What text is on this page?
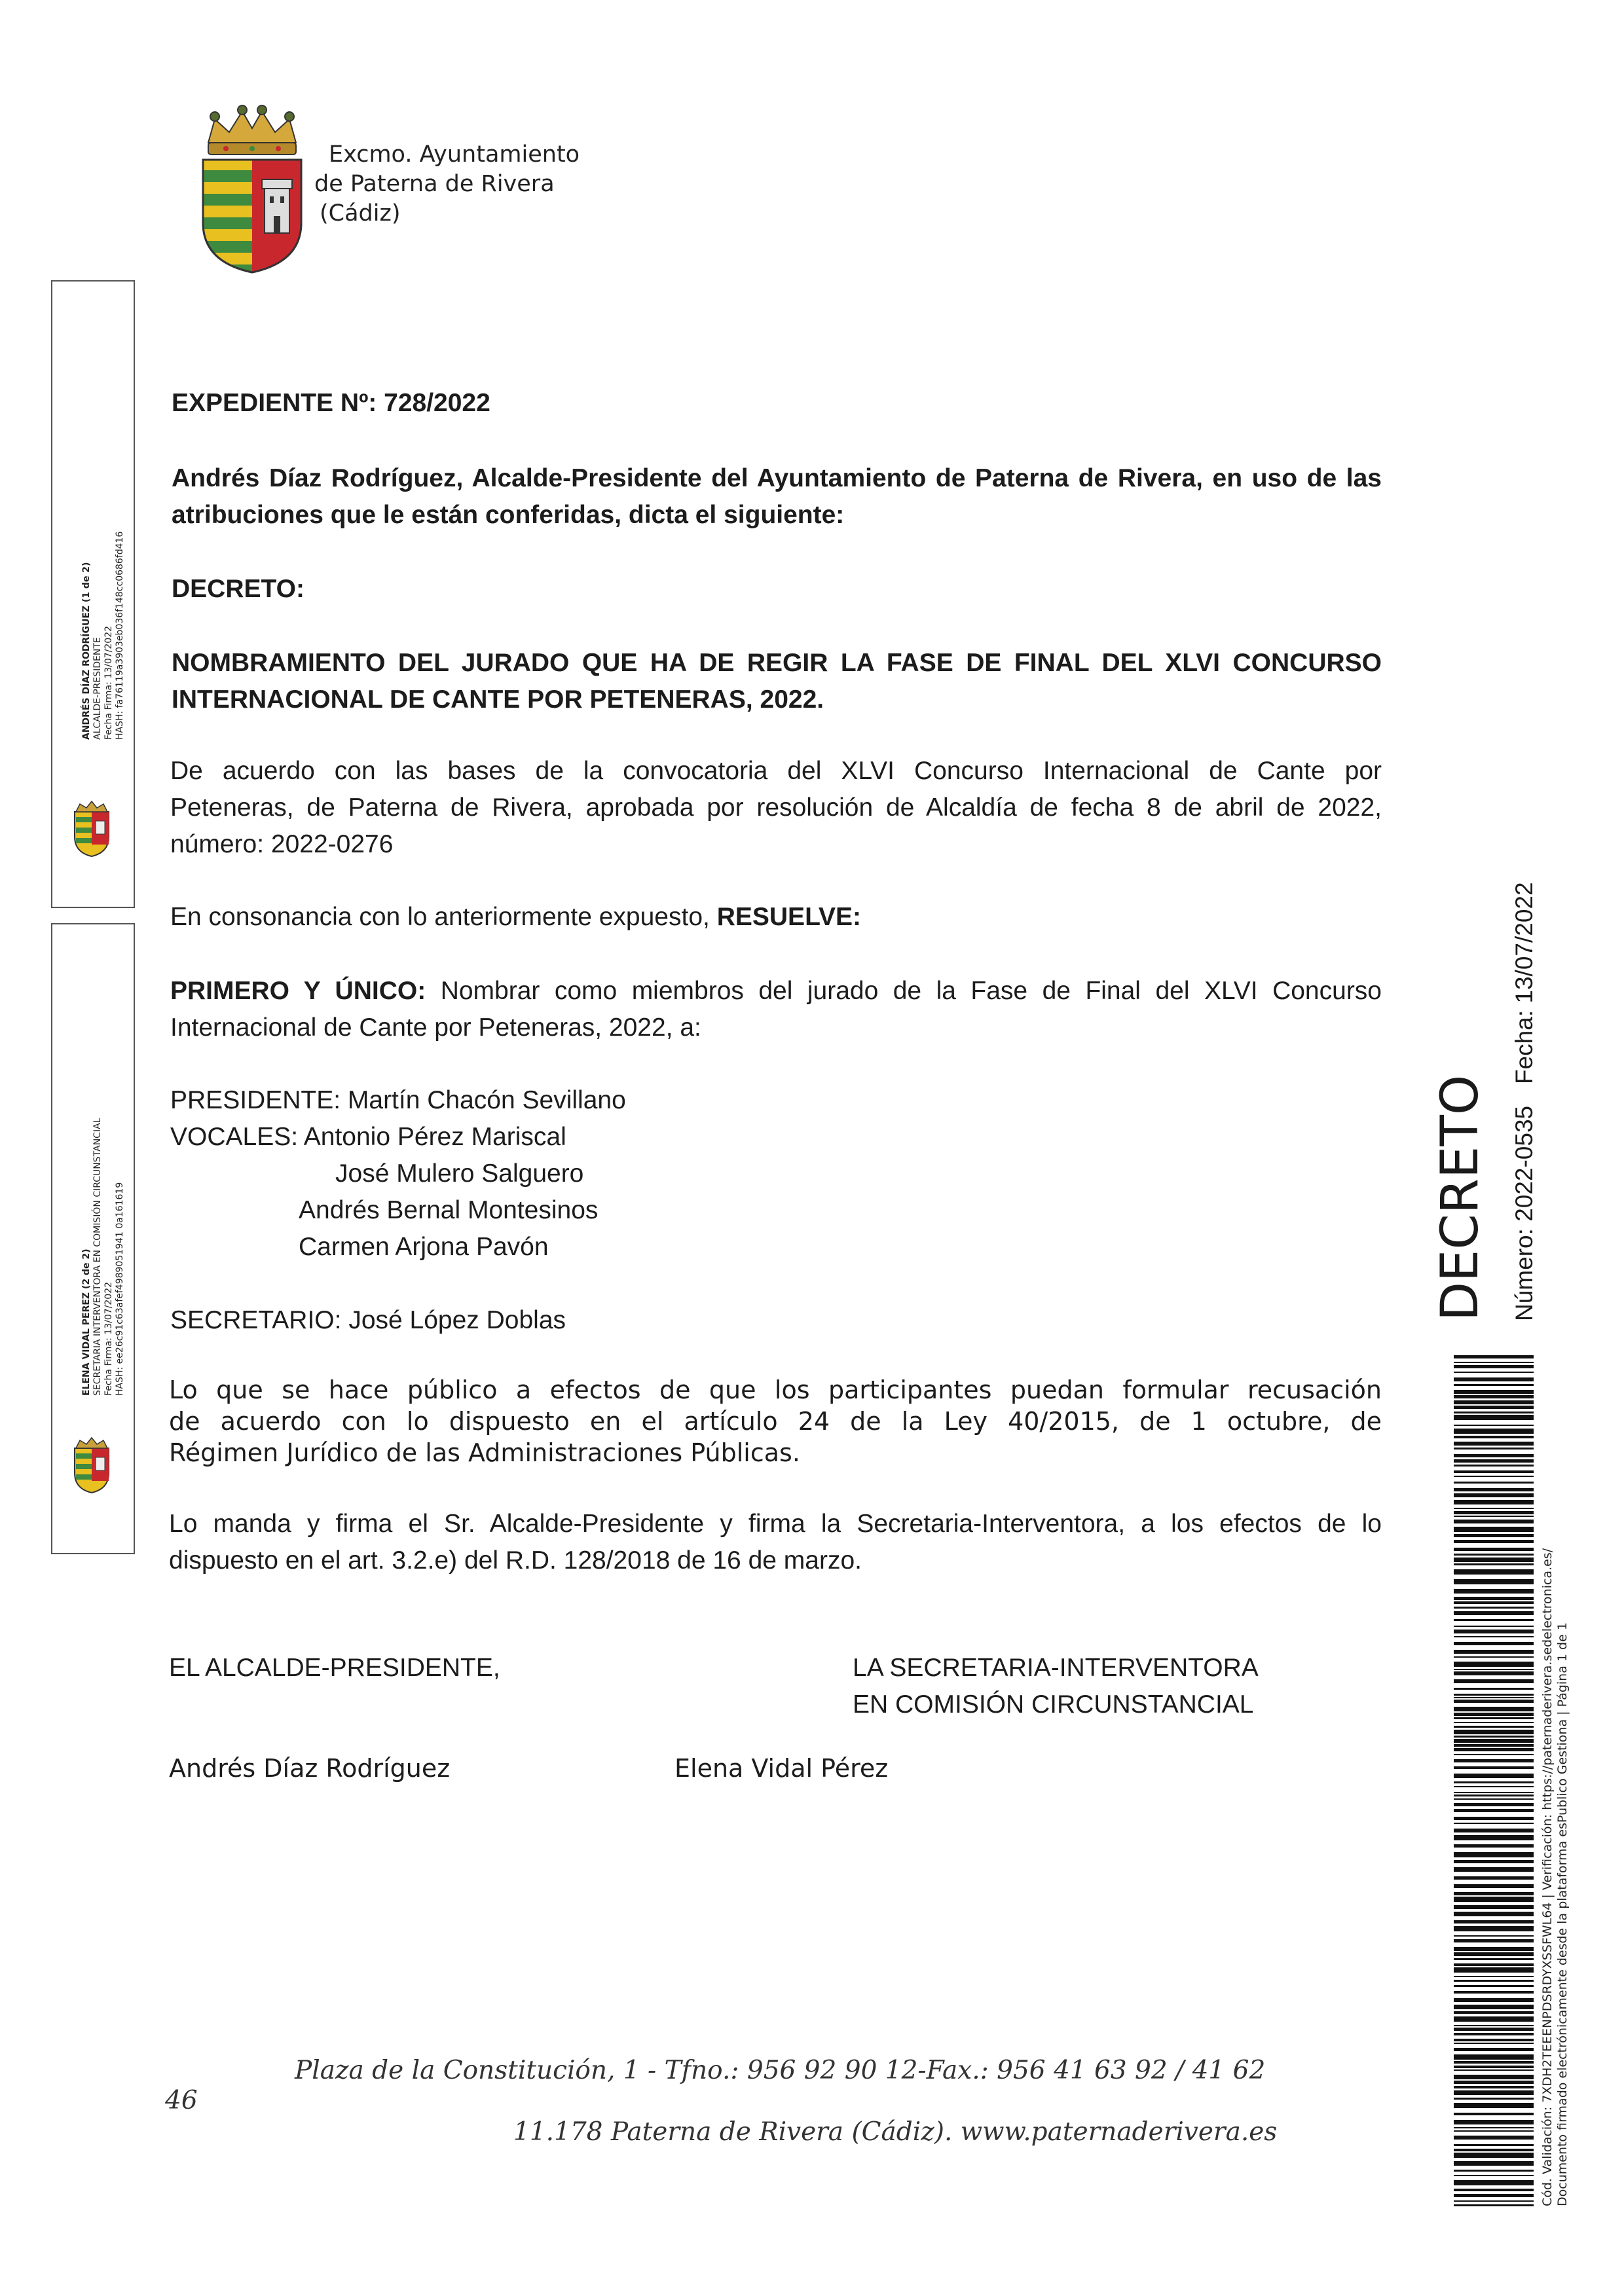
Excmo. Ayuntamiento
de Paterna de Rivera
(Cádiz)
EXPEDIENTE Nº: 728/2022
Andrés Díaz Rodríguez, Alcalde-Presidente del Ayuntamiento de Paterna de Rivera, en uso de las
atribuciones que le están conferidas, dicta el siguiente:
DECRETO:
NOMBRAMIENTO DEL JURADO QUE HA DE REGIR LA FASE DE FINAL DEL XLVI CONCURSO
INTERNACIONAL DE CANTE POR PETENERAS, 2022.
De acuerdo con las bases de la convocatoria del XLVI Concurso Internacional de Cante por
Peteneras, de Paterna de Rivera, aprobada por resolución de Alcaldía de fecha 8 de abril de 2022,
número: 2022-0276
En consonancia con lo anteriormente expuesto, RESUELVE:
PRIMERO Y ÚNICO: Nombrar como miembros del jurado de la Fase de Final del XLVI Concurso
Internacional de Cante por Peteneras, 2022, a:
PRESIDENTE: Martín Chacón Sevillano
VOCALES: Antonio Pérez Mariscal
José Mulero Salguero
Andrés Bernal Montesinos
Carmen Arjona Pavón
SECRETARIO: José López Doblas
Lo que se hace público a efectos de que los participantes puedan formular recusación
de acuerdo con lo dispuesto en el artículo 24 de la Ley 40/2015, de 1 octubre, de
Régimen Jurídico de las Administraciones Públicas.
Lo manda y firma el Sr. Alcalde-Presidente y firma la Secretaria-Interventora, a los efectos de lo
dispuesto en el art. 3.2.e) del R.D. 128/2018 de 16 de marzo.
EL ALCALDE-PRESIDENTE,	LA SECRETARIA-INTERVENTORA
EN COMISIÓN CIRCUNSTANCIAL
Andrés Díaz Rodríguez	Elena Vidal Pérez
Plaza de la Constitución, 1 - Tfno.: 956 92 90 12-Fax.: 956 41 63 92 / 41 62
46
11.178 Paterna de Rivera (Cádiz). www.paternaderivera.es
ANDRÉS DÍAZ RODRÍGUEZ (1 de 2) ALCALDE-PRESIDENTE Fecha Firma: 13/07/2022 HASH: fa76119a3903eb036f148cc0686fd416
ELENA VIDAL PEREZ (2 de 2) SECRETARIA INTERVENTORA EN COMISIÓN CIRCUNSTANCIAL Fecha Firma: 13/07/2022 HASH: ee26c91c63afef4989051941 0a161619	DECRETO Número: 2022-0535
Fecha: 13/07/2022
Cód. Validación: 7XDH2TEEENPDSRDYXSSFWL64 | Verificación: https://paternaderivera.sedelectronica.es/ Documento firmado electrónicamente desde la plataforma esPublico Gestiona | Página 1 de 1
